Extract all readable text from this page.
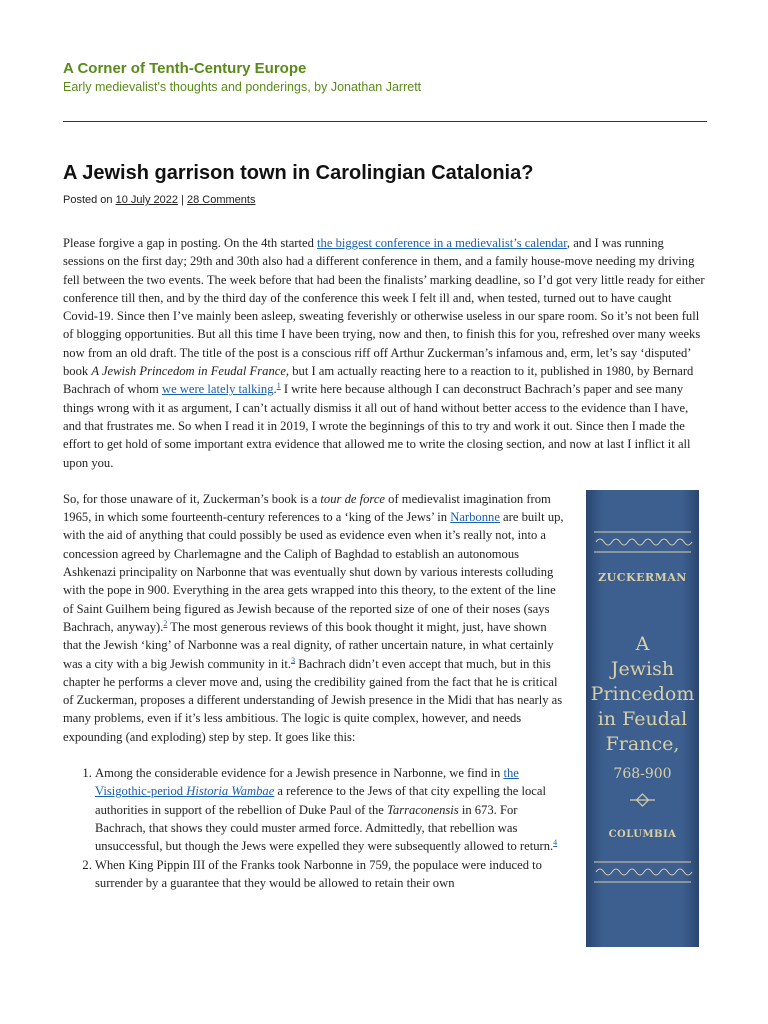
A Corner of Tenth-Century Europe
Early medievalist's thoughts and ponderings, by Jonathan Jarrett
A Jewish garrison town in Carolingian Catalonia?
Posted on 10 July 2022 | 28 Comments

Please forgive a gap in posting. On the 4th started the biggest conference in a medievalist’s calendar, and I was running sessions on the first day; 29th and 30th also had a different conference in them, and a family house-move needing my driving fell between the two events. The week before that had been the finalists’ marking deadline, so I’d got very little ready for either conference till then, and by the third day of the conference this week I felt ill and, when tested, turned out to have caught Covid-19. Since then I’ve mainly been asleep, sweating feverishly or otherwise useless in our spare room. So it’s not been full of blogging opportunities. But all this time I have been trying, now and then, to finish this for you, refreshed over many weeks now from an old draft. The title of the post is a conscious riff off Arthur Zuckerman’s infamous and, erm, let’s say ‘disputed’ book A Jewish Princedom in Feudal France, but I am actually reacting here to a reaction to it, published in 1980, by Bernard Bachrach of whom we were lately talking.$^1$ I write here because although I can deconstruct Bachrach’s paper and see many things wrong with it as argument, I can’t actually dismiss it all out of hand without better access to the evidence than I have, and that frustrates me. So when I read it in 2019, I wrote the beginnings of this to try and work it out. Since then I made the effort to get hold of some important extra evidence that allowed me to write the closing section, and now at last I inflict it all upon you.

ZUCKERMAN
A
Jewish
Princedom
in Feudal
France,
768-900
COLUMBIA

So, for those unaware of it, Zuckerman’s book is a tour de force of medievalist imagination from 1965, in which some fourteenth-century references to a ‘king of the Jews’ in Narbonne are built up, with the aid of anything that could possibly be used as evidence even when it’s really not, into a concession agreed by Charlemagne and the Caliph of Baghdad to establish an autonomous Ashkenazi principality on Narbonne that was eventually shut down by various interests colluding with the pope in 900. Everything in the area gets wrapped into this theory, to the extent of the line of Saint Guilhem being figured as Jewish because of the reported size of one of their noses (says Bachrach, anyway).$^2$ The most generous reviews of this book thought it might, just, have shown that the Jewish ‘king’ of Narbonne was a real dignity, of rather uncertain nature, in what certainly was a city with a big Jewish community in it.$^3$ Bachrach didn’t even accept that much, but in this chapter he performs a clever move and, using the credibility gained from the fact that he is critical of Zuckerman, proposes a different understanding of Jewish presence in the Midi that has nearly as many problems, even if it’s less ambitious. The logic is quite complex, however, and needs expounding (and exploding) step by step. It goes like this:

1. Among the considerable evidence for a Jewish presence in Narbonne, we find in the Visigothic-period Historia Wambae a reference to the Jews of that city expelling the local authorities in support of the rebellion of Duke Paul of the Tarraconensis in 673. For Bachrach, that shows they could muster armed force. Admittedly, that rebellion was unsuccessful, but though the Jews were expelled they were subsequently allowed to return.$^4$
2. When King Pippin III of the Franks took Narbonne in 759, the populace were induced to surrender by a guarantee that they would be allowed to retain their own
